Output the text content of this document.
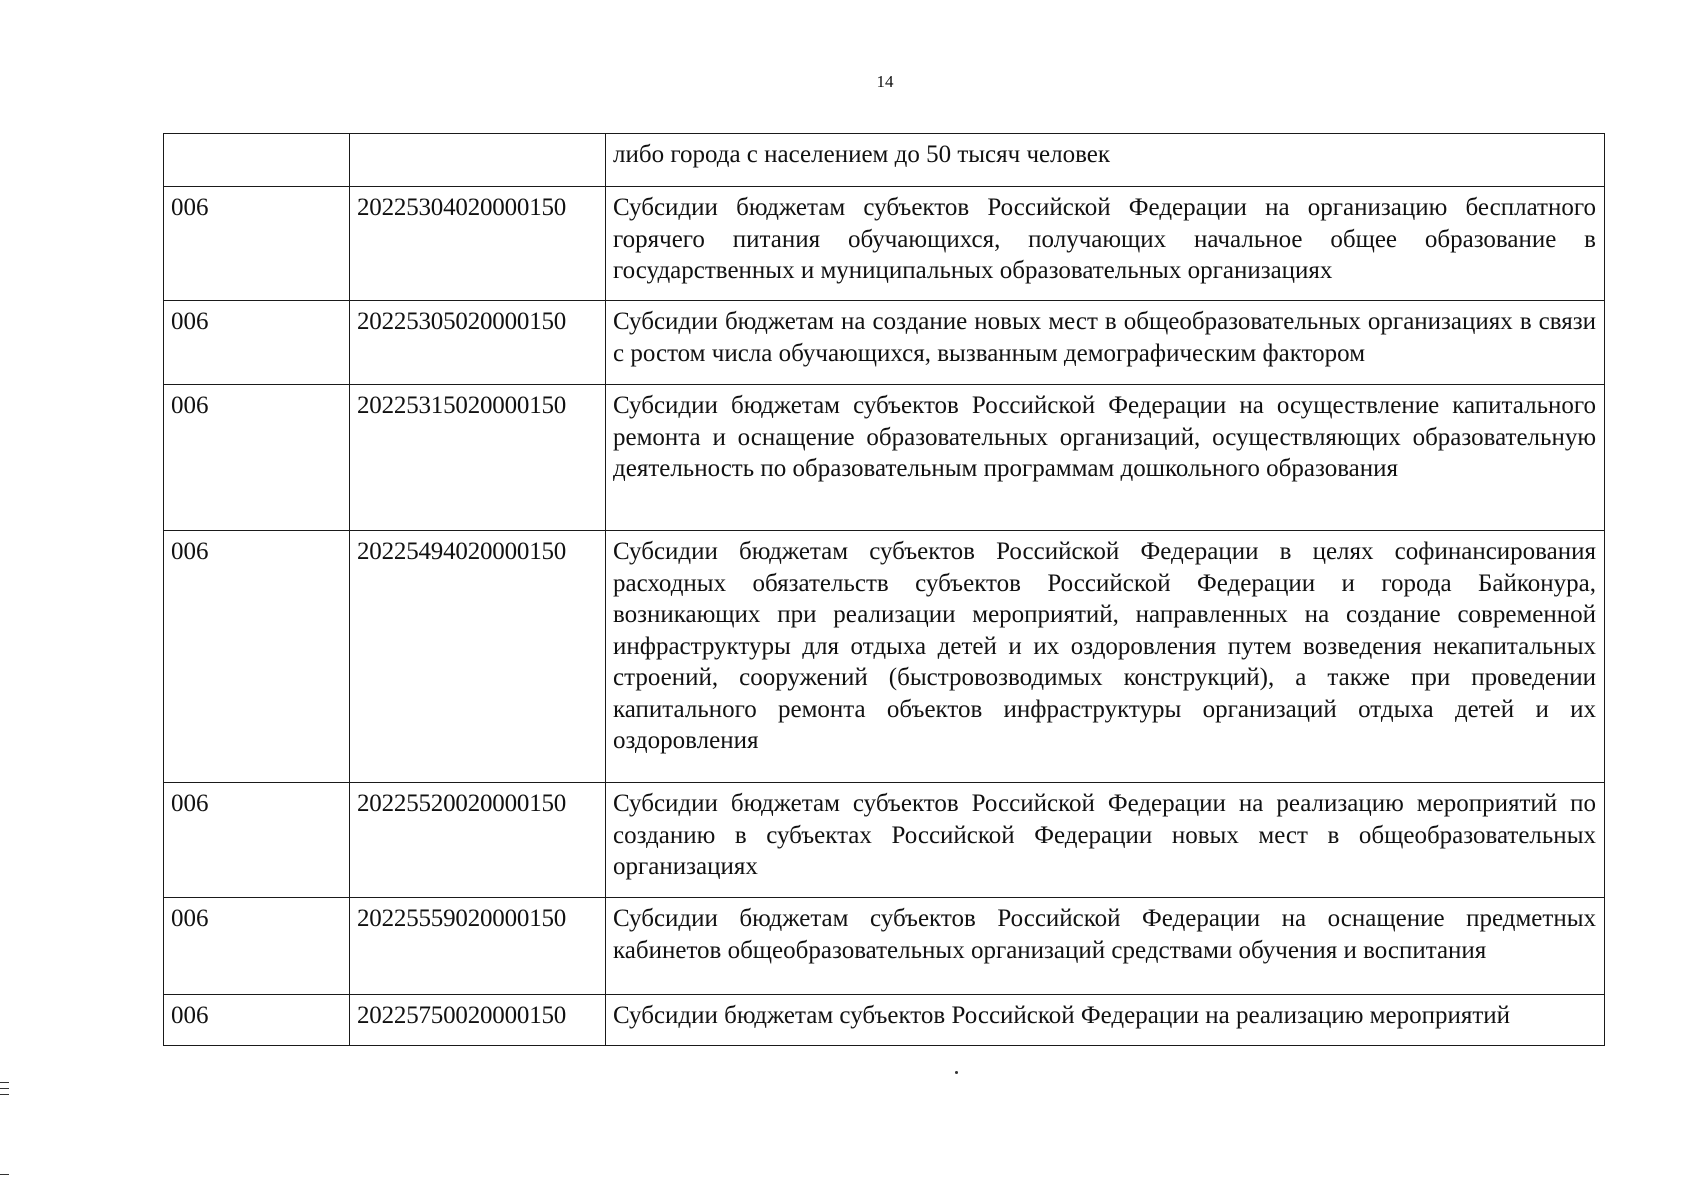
14
		либо города с населением до 50 тысяч человек
006	20225304020000150	Субсидии бюджетам субъектов Российской Федерации на организацию бесплатного горячего питания обучающихся, получающих начальное общее образование в государственных и муниципальных образовательных организациях
006	20225305020000150	Субсидии бюджетам на создание новых мест в общеобразовательных организациях в связи с ростом числа обучающихся, вызванным демографическим фактором
006	20225315020000150	Субсидии бюджетам субъектов Российской Федерации на осуществление капитального ремонта и оснащение образовательных организаций, осуществляющих образовательную деятельность по образовательным программам дошкольного образования
006	20225494020000150	Субсидии бюджетам субъектов Российской Федерации в целях софинансирования расходных обязательств субъектов Российской Федерации и города Байконура, возникающих при реализации мероприятий, направленных на создание современной инфраструктуры для отдыха детей и их оздоровления путем возведения некапитальных строений, сооружений (быстровозводимых конструкций), а также при проведении капитального ремонта объектов инфраструктуры организаций отдыха детей и их оздоровления
006	20225520020000150	Субсидии бюджетам субъектов Российской Федерации на реализацию мероприятий по созданию в субъектах Российской Федерации новых мест в общеобразовательных организациях
006	20225559020000150	Субсидии бюджетам субъектов Российской Федерации на оснащение предметных кабинетов общеобразовательных организаций средствами обучения и воспитания
006	20225750020000150	Субсидии бюджетам субъектов Российской Федерации на реализацию мероприятий
